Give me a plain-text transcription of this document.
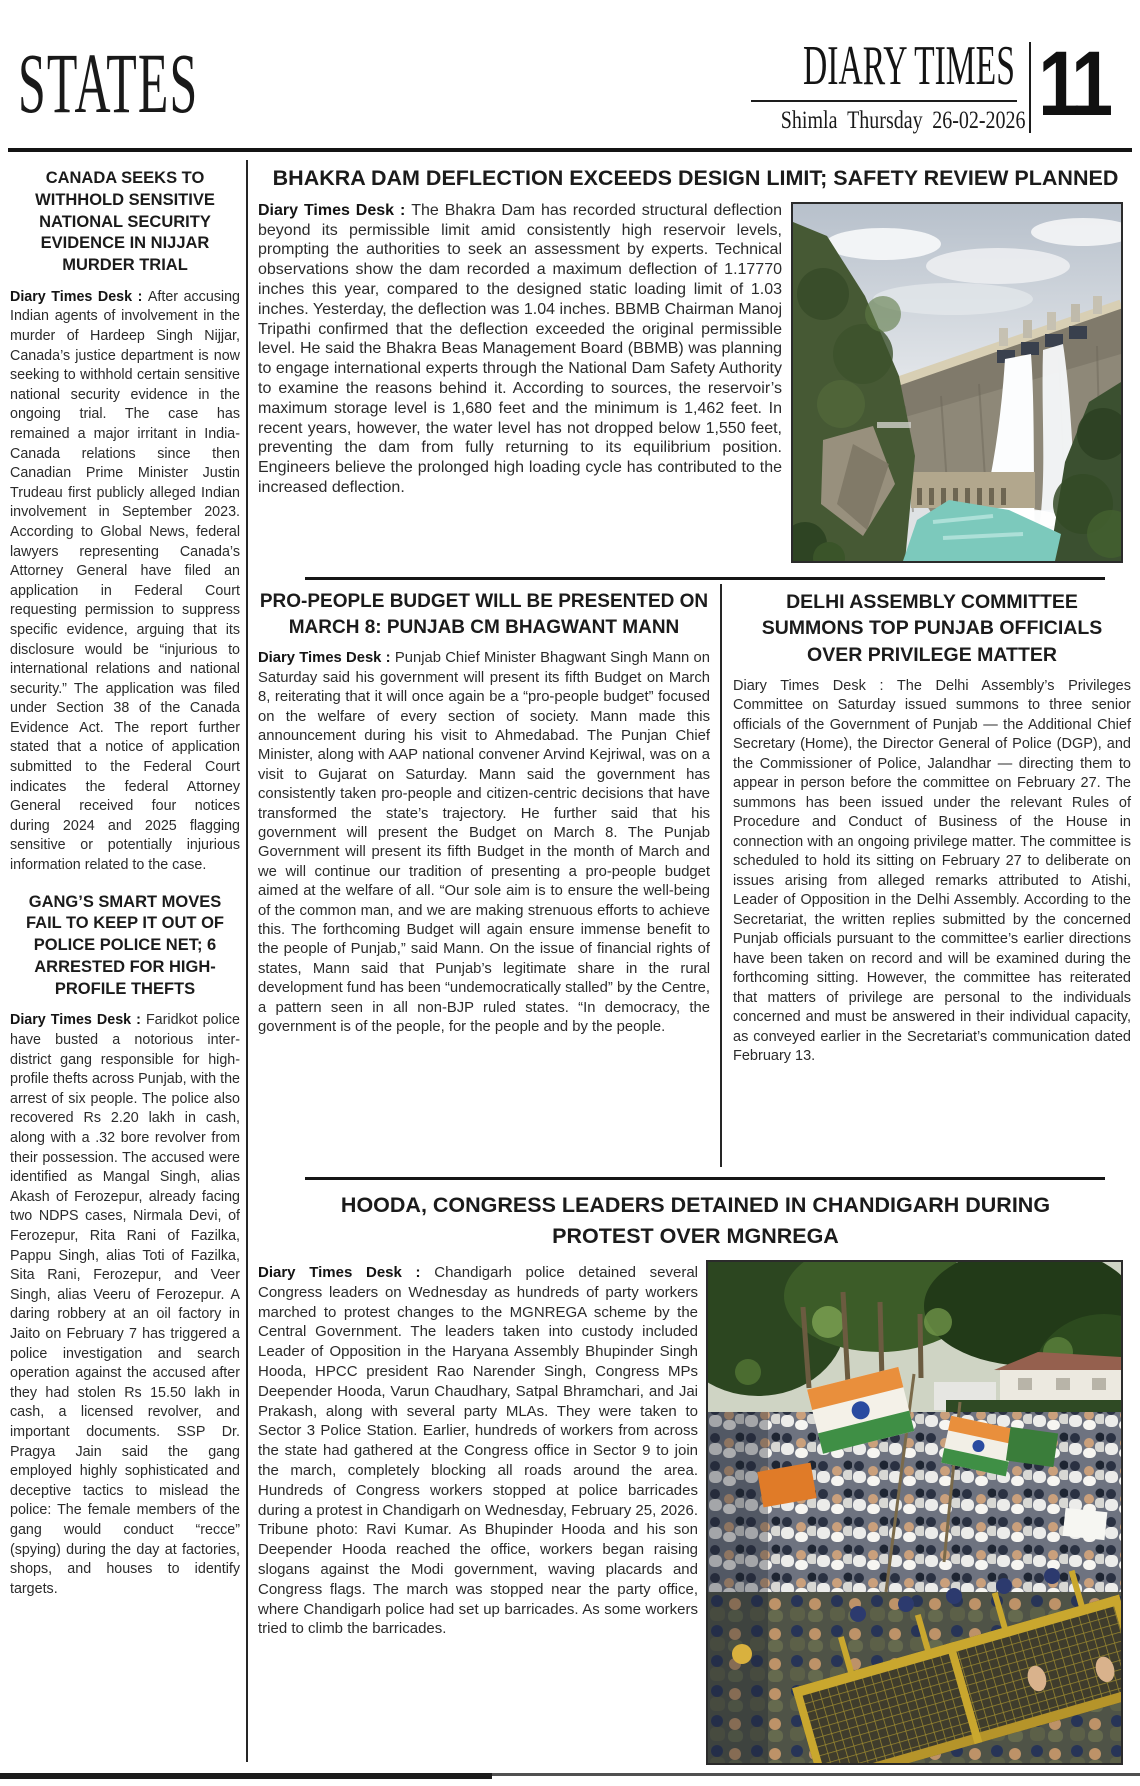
STATES	DIARY TIMES
Shimla Thursday 26-02-2026 11
CANADA SEEKS TO WITHHOLD SENSITIVE NATIONAL SECURITY EVIDENCE IN NIJJAR MURDER TRIAL

Diary Times Desk : After accusing Indian agents of involvement in the murder of Hardeep Singh Nijjar, Canada’s justice department is now seeking to withhold certain sensitive national security evidence in the ongoing trial. The case has remained a major irritant in India-Canada relations since then Canadian Prime Minister Justin Trudeau first publicly alleged Indian involvement in September 2023. According to Global News, federal lawyers representing Canada’s Attorney General have filed an application in Federal Court requesting permission to suppress specific evidence, arguing that its disclosure would be “injurious to international relations and national security.” The application was filed under Section 38 of the Canada Evidence Act. The report further stated that a notice of application submitted to the Federal Court indicates the federal Attorney General received four notices during 2024 and 2025 flagging sensitive or potentially injurious information related to the case.

GANG’S SMART MOVES FAIL TO KEEP IT OUT OF POLICE POLICE NET; 6 ARRESTED FOR HIGH-PROFILE THEFTS

Diary Times Desk : Faridkot police have busted a notorious inter-district gang responsible for high-profile thefts across Punjab, with the arrest of six people. The police also recovered Rs 2.20 lakh in cash, along with a .32 bore revolver from their possession. The accused were identified as Mangal Singh, alias Akash of Ferozepur, already facing two NDPS cases, Nirmala Devi, of Ferozepur, Rita Rani of Fazilka, Pappu Singh, alias Toti of Fazilka, Sita Rani, Ferozepur, and Veer Singh, alias Veeru of Ferozepur. A daring robbery at an oil factory in Jaito on February 7 has triggered a police investigation and search operation against the accused after they had stolen Rs 15.50 lakh in cash, a licensed revolver, and important documents. SSP Dr. Pragya Jain said the gang employed highly sophisticated and deceptive tactics to mislead the police: The female members of the gang would conduct “recce” (spying) during the day at factories, shops, and houses to identify targets.

BHAKRA DAM DEFLECTION EXCEEDS DESIGN LIMIT; SAFETY REVIEW PLANNED

Diary Times Desk : The Bhakra Dam has recorded structural deflection beyond its permissible limit amid consistently high reservoir levels, prompting the authorities to seek an assessment by experts. Technical observations show the dam recorded a maximum deflection of 1.17770 inches this year, compared to the designed static loading limit of 1.03 inches. Yesterday, the deflection was 1.04 inches. BBMB Chairman Manoj Tripathi confirmed that the deflection exceeded the original permissible level. He said the Bhakra Beas Management Board (BBMB) was planning to engage international experts through the National Dam Safety Authority to examine the reasons behind it. According to sources, the reservoir’s maximum storage level is 1,680 feet and the minimum is 1,462 feet. In recent years, however, the water level has not dropped below 1,550 feet, preventing the dam from fully returning to its equilibrium position. Engineers believe the prolonged high loading cycle has contributed to the increased deflection.

PRO-PEOPLE BUDGET WILL BE PRESENTED ON MARCH 8: PUNJAB CM BHAGWANT MANN

Diary Times Desk : Punjab Chief Minister Bhagwant Singh Mann on Saturday said his government will present its fifth Budget on March 8, reiterating that it will once again be a “pro-people budget” focused on the welfare of every section of society. Mann made this announcement during his visit to Ahmedabad. The Punjan Chief Minister, along with AAP national convener Arvind Kejriwal, was on a visit to Gujarat on Saturday. Mann said the government has consistently taken pro-people and citizen-centric decisions that have transformed the state’s trajectory. He further said that his government will present the Budget on March 8. The Punjab Government will present its fifth Budget in the month of March and we will continue our tradition of presenting a pro-people budget aimed at the welfare of all. “Our sole aim is to ensure the well-being of the common man, and we are making strenuous efforts to achieve this. The forthcoming Budget will again ensure immense benefit to the people of Punjab,” said Mann. On the issue of financial rights of states, Mann said that Punjab’s legitimate share in the rural development fund has been “undemocratically stalled” by the Centre, a pattern seen in all non-BJP ruled states. “In democracy, the government is of the people, for the people and by the people.

DELHI ASSEMBLY COMMITTEE SUMMONS TOP PUNJAB OFFICIALS OVER PRIVILEGE MATTER

Diary Times Desk : The Delhi Assembly’s Privileges Committee on Saturday issued summons to three senior officials of the Government of Punjab — the Additional Chief Secretary (Home), the Director General of Police (DGP), and the Commissioner of Police, Jalandhar — directing them to appear in person before the committee on February 27. The summons has been issued under the relevant Rules of Procedure and Conduct of Business of the House in connection with an ongoing privilege matter. The committee is scheduled to hold its sitting on February 27 to deliberate on issues arising from alleged remarks attributed to Atishi, Leader of Opposition in the Delhi Assembly. According to the Secretariat, the written replies submitted by the concerned Punjab officials pursuant to the committee’s earlier directions have been taken on record and will be examined during the forthcoming sitting. However, the committee has reiterated that matters of privilege are personal to the individuals concerned and must be answered in their individual capacity, as conveyed earlier in the Secretariat’s communication dated February 13.

HOODA, CONGRESS LEADERS DETAINED IN CHANDIGARH DURING PROTEST OVER MGNREGA

Diary Times Desk : Chandigarh police detained several Congress leaders on Wednesday as hundreds of party workers marched to protest changes to the MGNREGA scheme by the Central Government. The leaders taken into custody included Leader of Opposition in the Haryana Assembly Bhupinder Singh Hooda, HPCC president Rao Narender Singh, Congress MPs Deepender Hooda, Varun Chaudhary, Satpal Bhramchari, and Jai Prakash, along with several party MLAs. They were taken to Sector 3 Police Station. Earlier, hundreds of workers from across the state had gathered at the Congress office in Sector 9 to join the march, completely blocking all roads around the area. Hundreds of Congress workers stopped at police barricades during a protest in Chandigarh on Wednesday, February 25, 2026. Tribune photo: Ravi Kumar. As Bhupinder Hooda and his son Deepender Hooda reached the office, workers began raising slogans against the Modi government, waving placards and Congress flags. The march was stopped near the party office, where Chandigarh police had set up barricades. As some workers tried to climb the barricades.
